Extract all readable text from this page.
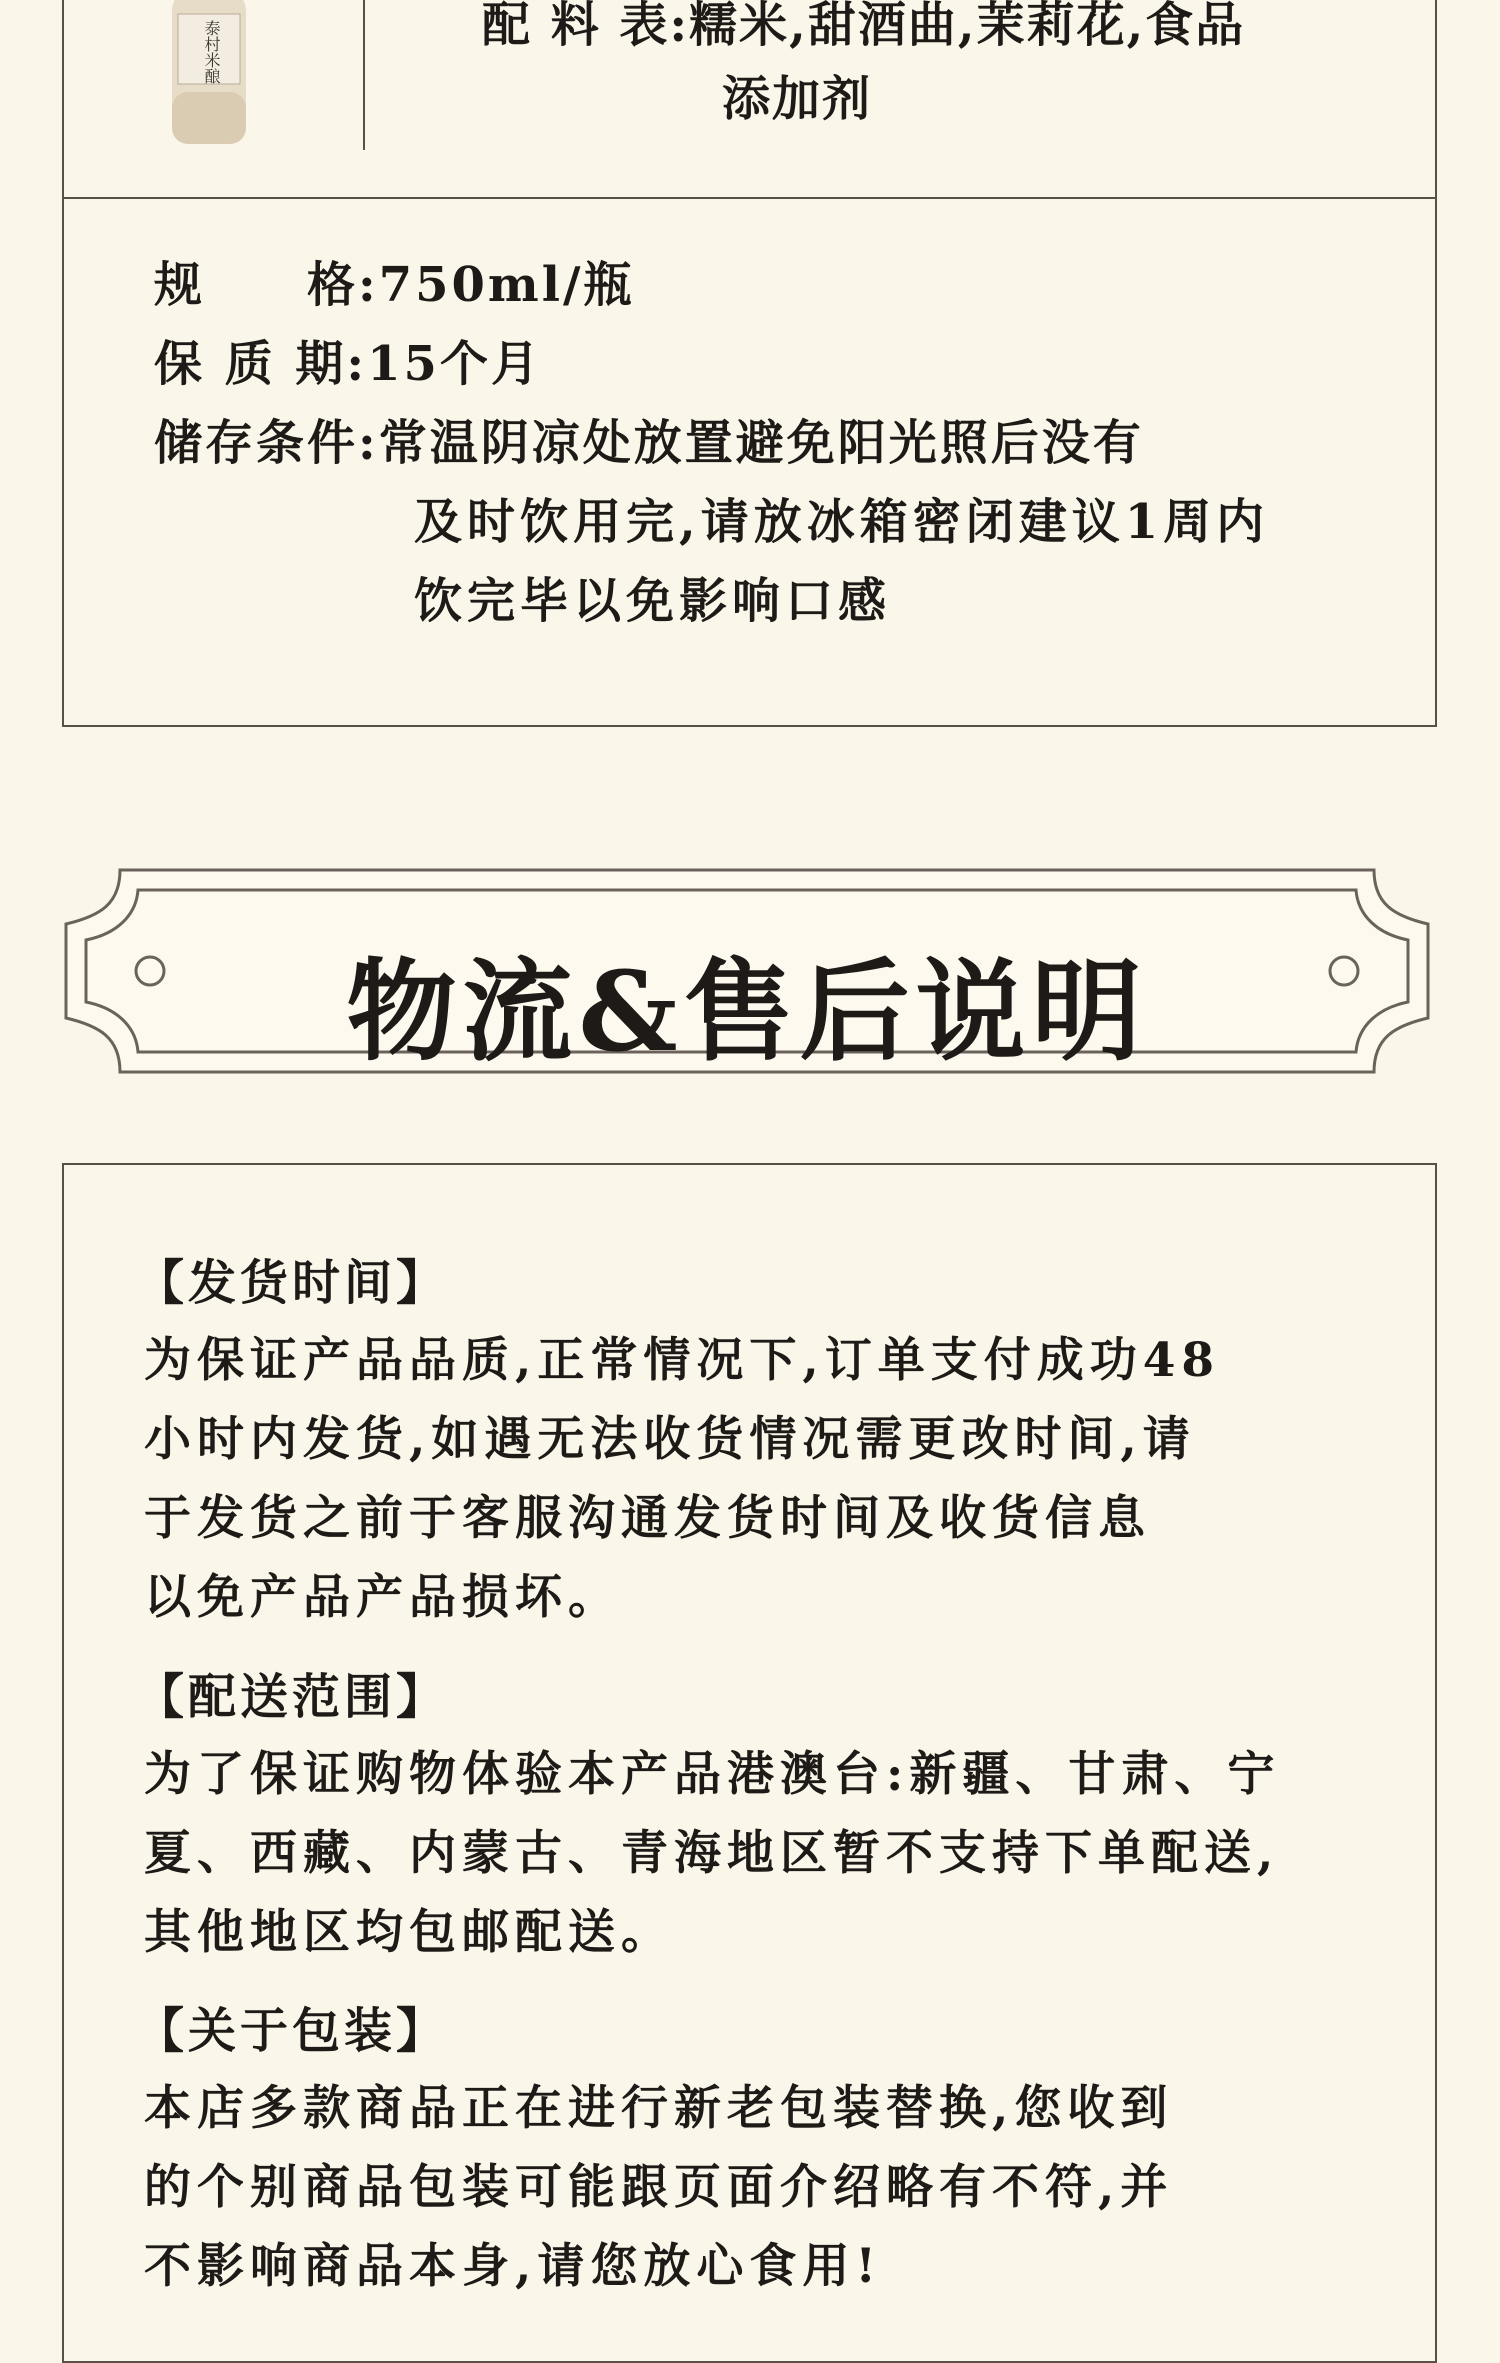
泰村米酿	配 料 表:糯米,甜酒曲,茉莉花,食品
添加剂
规　　格:750ml/瓶
保 质 期:15个月
储存条件:常温阴凉处放置避免阳光照后没有
及时饮用完,请放冰箱密闭建议1周内
饮完毕以免影响口感
物流&售后说明
【发货时间】
为保证产品品质,正常情况下,订单支付成功48
小时内发货,如遇无法收货情况需更改时间,请
于发货之前于客服沟通发货时间及收货信息
以免产品产品损坏。
【配送范围】
为了保证购物体验本产品港澳台:新疆、甘肃、宁
夏、西藏、内蒙古、青海地区暂不支持下单配送,
其他地区均包邮配送。
【关于包装】
本店多款商品正在进行新老包装替换,您收到
的个别商品包装可能跟页面介绍略有不符,并
不影响商品本身,请您放心食用!
